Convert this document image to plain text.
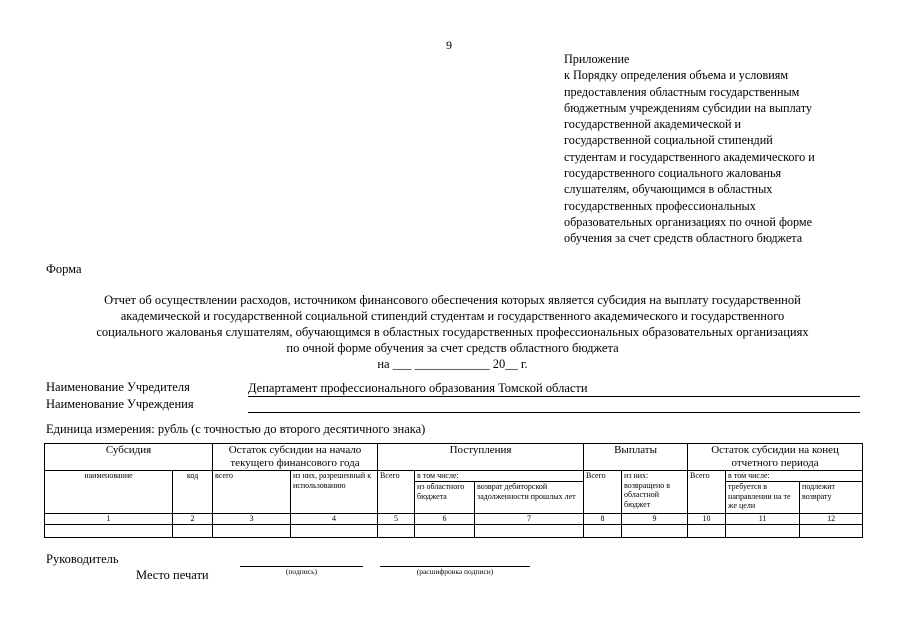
9
Приложение
к Порядку определения объема и условиям
предоставления областным государственным
бюджетным учреждениям субсидии на выплату
государственной академической и
государственной социальной стипендий
студентам и государственного академического и
государственного социального жалованья
слушателям, обучающимся в областных
государственных профессиональных
образовательных организациях по очной форме
обучения за счет средств областного бюджета
Форма
Отчет об осуществлении расходов, источником финансового обеспечения которых является субсидия на выплату государственной
академической и государственной социальной стипендий студентам и государственного академического и государственного
социального жалованья слушателям, обучающимся в областных государственных профессиональных образовательных организациях
по очной форме обучения за счет средств областного бюджета
на ___ ____________ 20__ г.
Наименование Учредителя	Департамент профессионального образования Томской области
Наименование Учреждения
Единица измерения: рубль (с точностью до второго десятичного знака)
Субсидия		Остаток субсидии на начало текущего финансового года		Поступления			Выплаты		Остаток субсидии на конец отчетного периода		
наименование	код	всего	из них, разрешенный к использованию	Всего	в том числе:		Всего	из них: возвращено в областной бюджет	Всего	в том числе:	
					из областного бюджета	возврат дебиторской задолженности прошлых лет				требуется в направлении на те же цели	подлежит возврату
1	2	3	4	5	6	7	8	9	10	11	12

Руководитель
Место печати	(подпись)	(расшифровка подписи)
